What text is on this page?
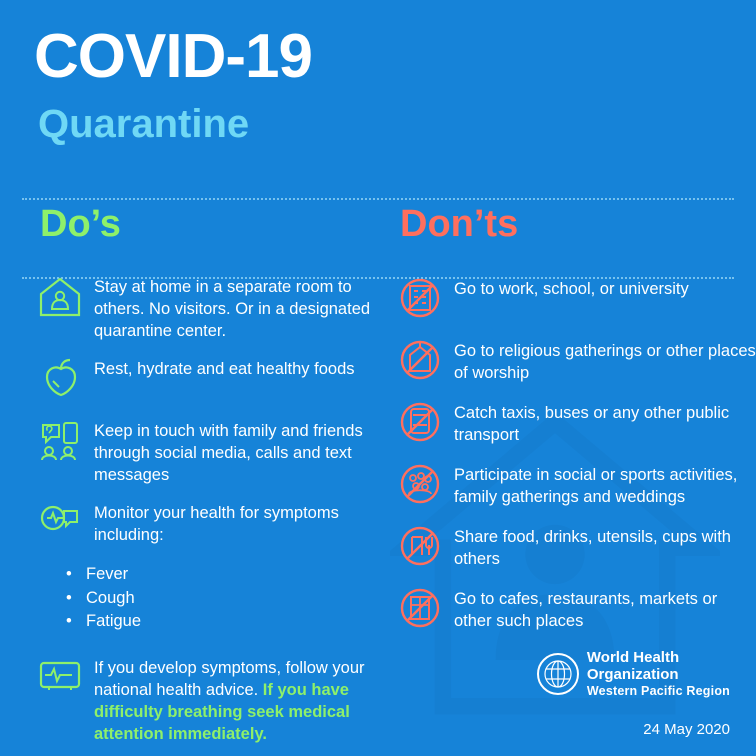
COVID-19
Quarantine
Do’s
Stay at home in a separate room to others. No visitors. Or in a designated quarantine center.
Rest, hydrate and eat healthy foods
Keep in touch with family and friends through social media, calls and text messages
Monitor your health for symptoms including:
• Fever
• Cough
• Fatigue
If you develop symptoms, follow your national health advice. If you have difficulty breathing seek medical attention immediately.
Don’ts
Go to work, school, or university
Go to religious gatherings or other places of worship
Catch taxis, buses or any other public transport
Participate in social or sports activities, family gatherings and weddings
Share food, drinks, utensils, cups with others
Go to cafes, restaurants, markets or other such places
World Health
Organization
Western Pacific Region
24 May 2020
